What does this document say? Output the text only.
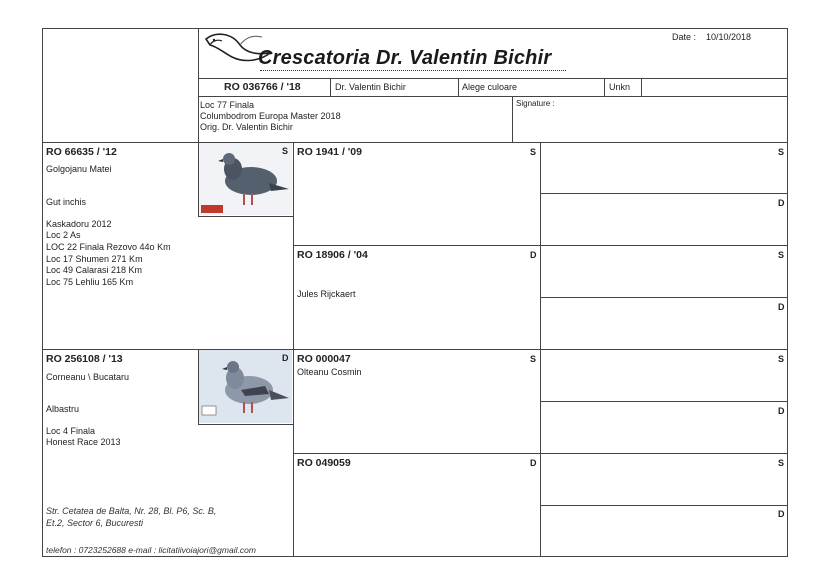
Crescatoria Dr. Valentin Bichir
Date : 10/10/2018
RO 036766 / '18	Dr. Valentin Bichir	Alege culoare	Unkn
Loc 77 Finala
Columbodrom Europa Master 2018
Orig. Dr. Valentin Bichir
Signature :
RO 66635 / '12
Golgojanu Matei
Gut inchis
Kaskadoru 2012
Loc 2 As
LOC 22 Finala Rezovo 44o Km
Loc 17 Shumen 271 Km
Loc 49 Calarasi 218 Km
Loc 75 Lehliu 165 Km
S
RO 256108 / '13
Corneanu \ Bucataru
Albastru
Loc 4 Finala
Honest Race 2013
D
RO 1941 / '09	S
RO 18906 / '04	D
Jules Rijckaert
RO 000047	S
Olteanu Cosmin
RO 049059	D
S
D
S
D
S
D
S
D
Str. Cetatea de Balta, Nr. 28, Bl. P6, Sc. B,
Et.2, Sector 6, Bucuresti
telefon : 0723252688 e-mail : licitatiivoiajori@gmail.com
